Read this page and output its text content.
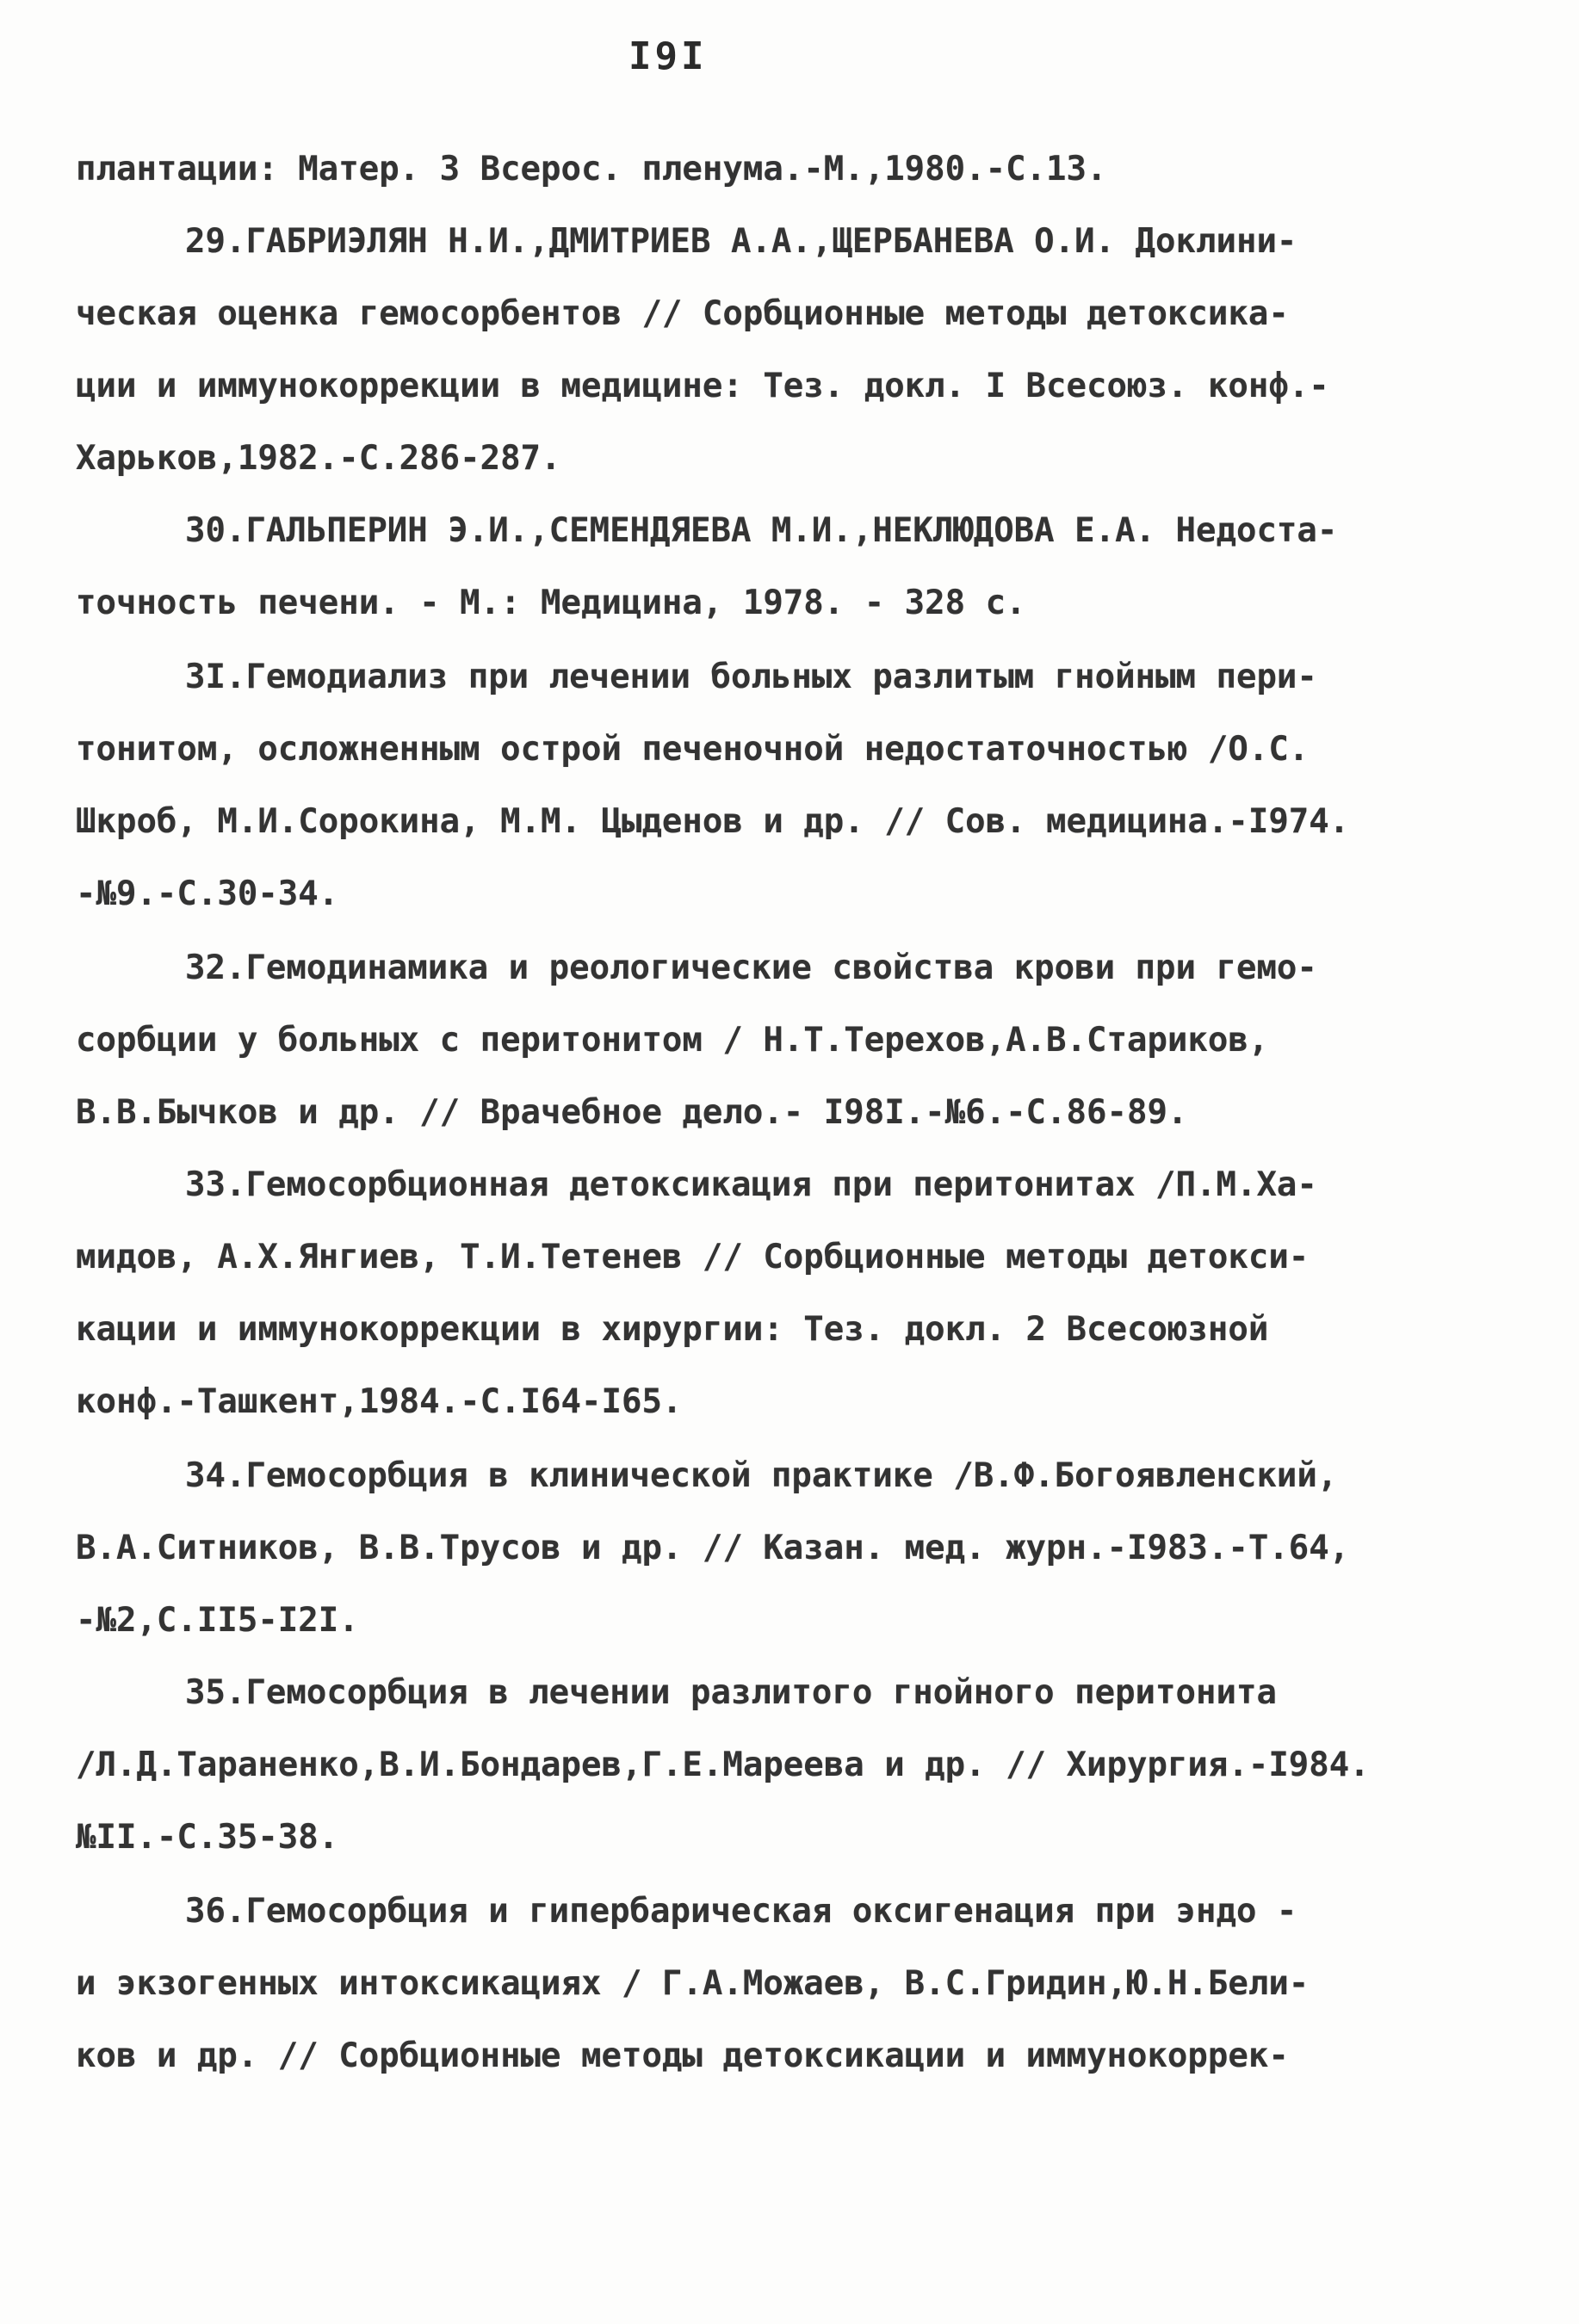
I9I
плантации: Матер. 3 Всерос. пленума.-М.,1980.-С.13.
29.ГАБРИЭЛЯН Н.И.,ДМИТРИЕВ А.А.,ЩЕРБАНЕВА О.И. Доклини-
ческая оценка гемосорбентов // Сорбционные методы детоксика-
ции и иммунокоррекции в медицине: Тез. докл. I Всесоюз. конф.-
Харьков,1982.-С.286-287.
30.ГАЛЬПЕРИН Э.И.,СЕМЕНДЯЕВА М.И.,НЕКЛЮДОВА Е.А. Недоста-
точность печени. - М.: Медицина, 1978. - 328 с.
3I.Гемодиализ при лечении больных разлитым гнойным пери-
тонитом, осложненным острой печеночной недостаточностью /О.С.
Шкроб, М.И.Сорокина, М.М. Цыденов и др. // Сов. медицина.-I974.
-№9.-С.30-34.
32.Гемодинамика и реологические свойства крови при гемо-
сорбции у больных с перитонитом / Н.Т.Терехов,А.В.Стариков,
В.В.Бычков и др. // Врачебное дело.- I98I.-№6.-С.86-89.
33.Гемосорбционная детоксикация при перитонитах /П.М.Ха-
мидов, А.Х.Янгиев, Т.И.Тетенев // Сорбционные методы детокси-
кации и иммунокоррекции в хирургии: Тез. докл. 2 Всесоюзной
конф.-Ташкент,1984.-С.I64-I65.
34.Гемосорбция в клинической практике /В.Ф.Богоявленский,
В.А.Ситников, В.В.Трусов и др. // Казан. мед. журн.-I983.-Т.64,
-№2,С.II5-I2I.
35.Гемосорбция в лечении разлитого гнойного перитонита
/Л.Д.Тараненко,В.И.Бондарев,Г.Е.Мареева и др. // Хирургия.-I984.
№II.-С.35-38.
36.Гемосорбция и гипербарическая оксигенация при эндо -
и экзогенных интоксикациях / Г.А.Можаев, В.С.Гридин,Ю.Н.Бели-
ков и др. // Сорбционные методы детоксикации и иммунокоррек-
